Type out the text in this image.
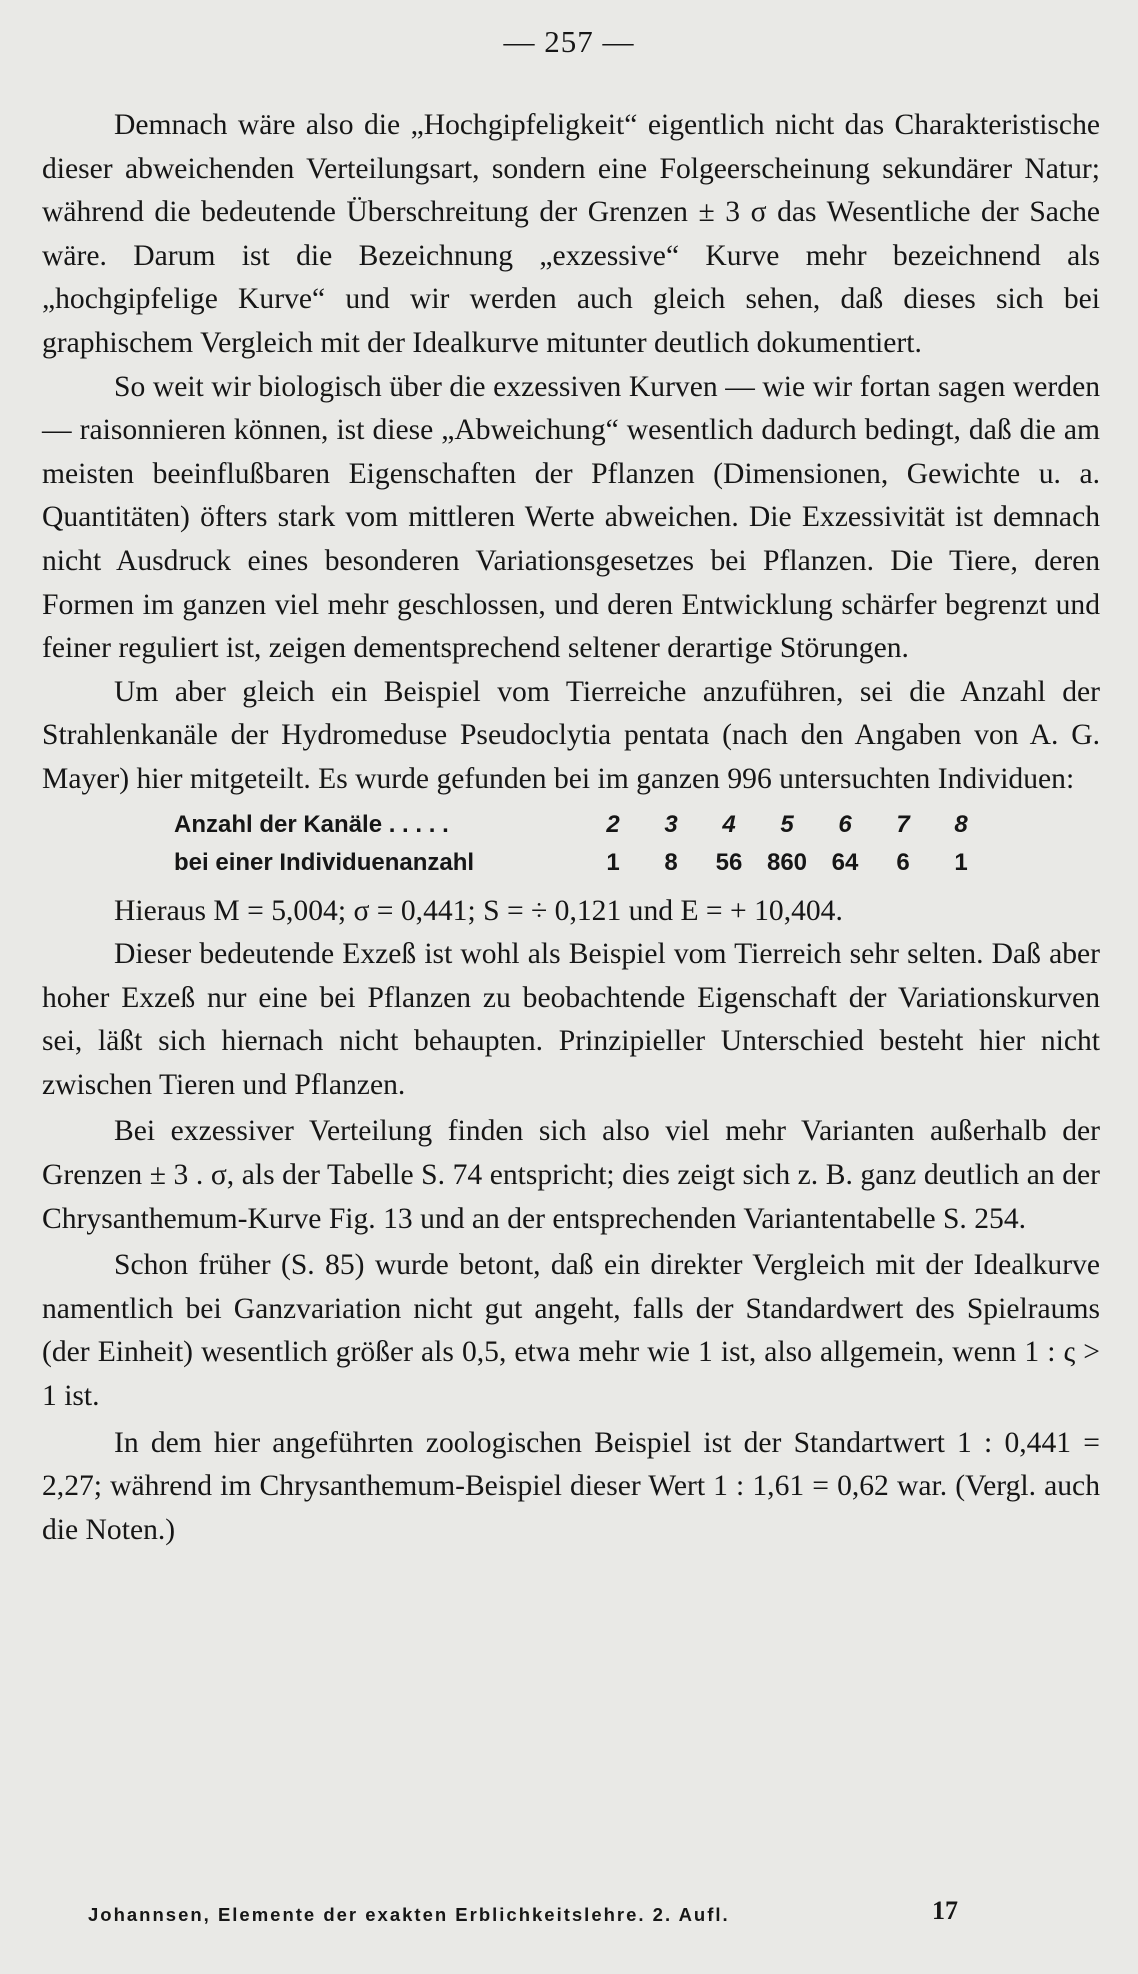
— 257 —

Demnach wäre also die „Hochgipfeligkeit“ eigentlich nicht das Charakteristische dieser abweichenden Verteilungsart, sondern eine Folgeerscheinung sekundärer Natur; während die bedeutende Überschreitung der Grenzen ± 3 σ das Wesentliche der Sache wäre. Darum ist die Bezeichnung „exzessive“ Kurve mehr bezeichnend als „hochgipfelige Kurve“ und wir werden auch gleich sehen, daß dieses sich bei graphischem Vergleich mit der Idealkurve mitunter deutlich dokumentiert.

So weit wir biologisch über die exzessiven Kurven — wie wir fortan sagen werden — raisonnieren können, ist diese „Abweichung“ wesentlich dadurch bedingt, daß die am meisten beeinflußbaren Eigenschaften der Pflanzen (Dimensionen, Gewichte u. a. Quantitäten) öfters stark vom mittleren Werte abweichen. Die Exzessivität ist demnach nicht Ausdruck eines besonderen Variationsgesetzes bei Pflanzen. Die Tiere, deren Formen im ganzen viel mehr geschlossen, und deren Entwicklung schärfer begrenzt und feiner reguliert ist, zeigen dementsprechend seltener derartige Störungen.

Um aber gleich ein Beispiel vom Tierreiche anzuführen, sei die Anzahl der Strahlenkanäle der Hydromeduse Pseudoclytia pentata (nach den Angaben von A. G. Mayer) hier mitgeteilt. Es wurde gefunden bei im ganzen 996 untersuchten Individuen:

Anzahl der Kanäle . . . . .	2	3	4	5	6	7	8
bei einer Individuenanzahl	1	8	56	860	64	6	1

Hieraus M = 5,004; σ = 0,441; S = ÷ 0,121 und E = + 10,404.

Dieser bedeutende Exzeß ist wohl als Beispiel vom Tierreich sehr selten. Daß aber hoher Exzeß nur eine bei Pflanzen zu beobachtende Eigenschaft der Variationskurven sei, läßt sich hiernach nicht behaupten. Prinzipieller Unterschied besteht hier nicht zwischen Tieren und Pflanzen.

Bei exzessiver Verteilung finden sich also viel mehr Varianten außerhalb der Grenzen ± 3 . σ, als der Tabelle S. 74 entspricht; dies zeigt sich z. B. ganz deutlich an der Chrysanthemum-Kurve Fig. 13 und an der entsprechenden Variantentabelle S. 254.

Schon früher (S. 85) wurde betont, daß ein direkter Vergleich mit der Idealkurve namentlich bei Ganzvariation nicht gut angeht, falls der Standardwert des Spielraums (der Einheit) wesentlich größer als 0,5, etwa mehr wie 1 ist, also allgemein, wenn 1 : ς > 1 ist.

In dem hier angeführten zoologischen Beispiel ist der Standartwert 1 : 0,441 = 2,27; während im Chrysanthemum-Beispiel dieser Wert 1 : 1,61 = 0,62 war. (Vergl. auch die Noten.)

Johannsen, Elemente der exakten Erblichkeitslehre. 2. Aufl.	17
